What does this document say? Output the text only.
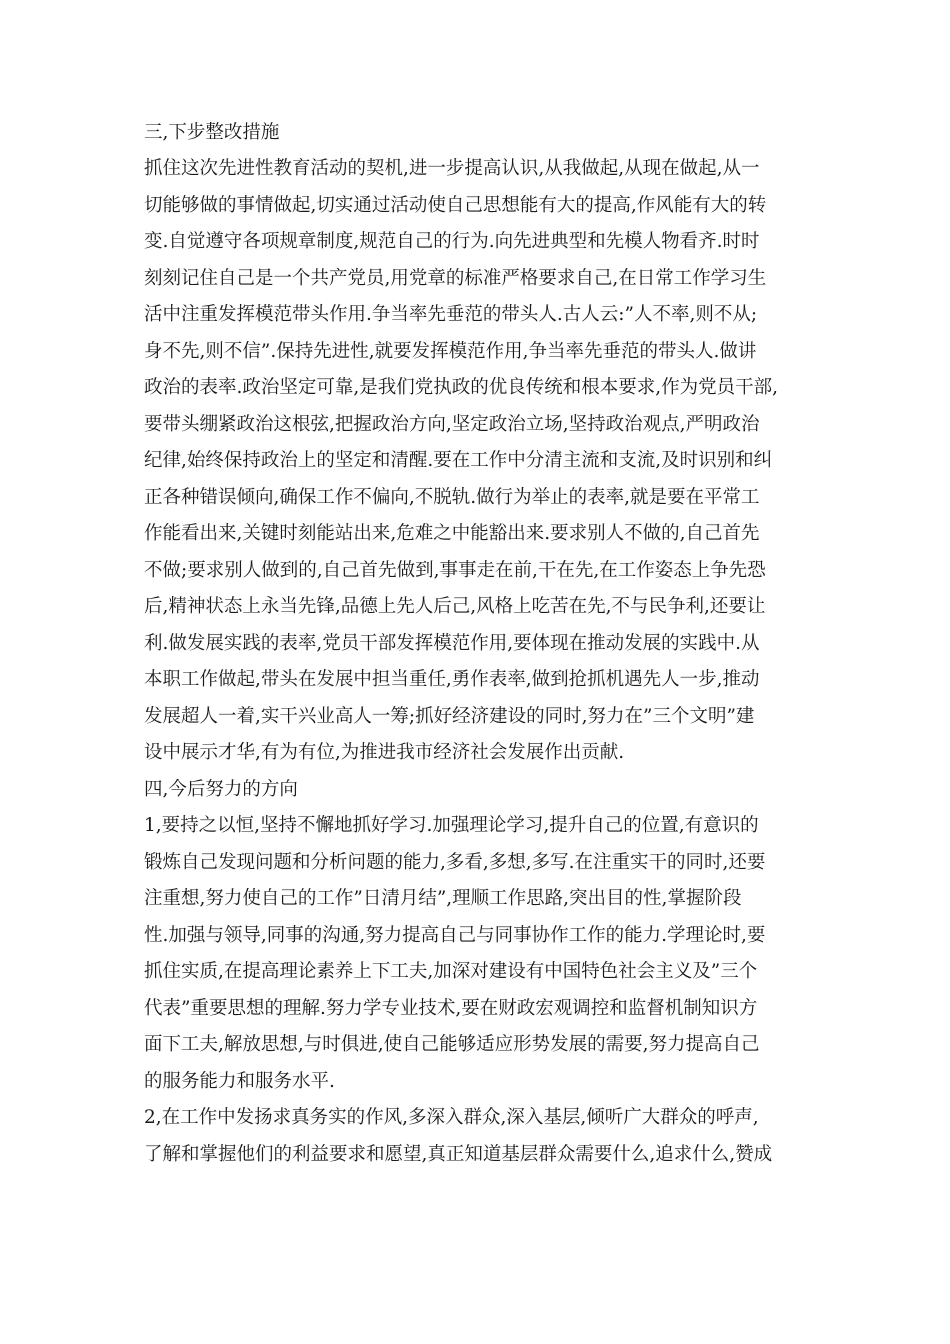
三,下步整改措施
抓住这次先进性教育活动的契机,进一步提高认识,从我做起,从现在做起,从一
切能够做的事情做起,切实通过活动使自己思想能有大的提高,作风能有大的转
变.自觉遵守各项规章制度,规范自己的行为.向先进典型和先模人物看齐.时时
刻刻记住自己是一个共产党员,用党章的标准严格要求自己,在日常工作学习生
活中注重发挥模范带头作用.争当率先垂范的带头人.古人云:”人不率,则不从;
身不先,则不信”.保持先进性,就要发挥模范作用,争当率先垂范的带头人.做讲
政治的表率.政治坚定可靠,是我们党执政的优良传统和根本要求,作为党员干部,
要带头绷紧政治这根弦,把握政治方向,坚定政治立场,坚持政治观点,严明政治
纪律,始终保持政治上的坚定和清醒.要在工作中分清主流和支流,及时识别和纠
正各种错误倾向,确保工作不偏向,不脱轨.做行为举止的表率,就是要在平常工
作能看出来,关键时刻能站出来,危难之中能豁出来.要求别人不做的,自己首先
不做;要求别人做到的,自己首先做到,事事走在前,干在先,在工作姿态上争先恐
后,精神状态上永当先锋,品德上先人后己,风格上吃苦在先,不与民争利,还要让
利.做发展实践的表率,党员干部发挥模范作用,要体现在推动发展的实践中.从
本职工作做起,带头在发展中担当重任,勇作表率,做到抢抓机遇先人一步,推动
发展超人一着,实干兴业高人一筹;抓好经济建设的同时,努力在”三个文明”建
设中展示才华,有为有位,为推进我市经济社会发展作出贡献.
四,今后努力的方向
1,要持之以恒,坚持不懈地抓好学习.加强理论学习,提升自己的位置,有意识的
锻炼自己发现问题和分析问题的能力,多看,多想,多写.在注重实干的同时,还要
注重想,努力使自己的工作”日清月结”,理顺工作思路,突出目的性,掌握阶段
性.加强与领导,同事的沟通,努力提高自己与同事协作工作的能力.学理论时,要
抓住实质,在提高理论素养上下工夫,加深对建设有中国特色社会主义及”三个
代表”重要思想的理解.努力学专业技术,要在财政宏观调控和监督机制知识方
面下工夫,解放思想,与时俱进,使自己能够适应形势发展的需要,努力提高自己
的服务能力和服务水平.
2,在工作中发扬求真务实的作风,多深入群众,深入基层,倾听广大群众的呼声,
了解和掌握他们的利益要求和愿望,真正知道基层群众需要什么,追求什么,赞成
